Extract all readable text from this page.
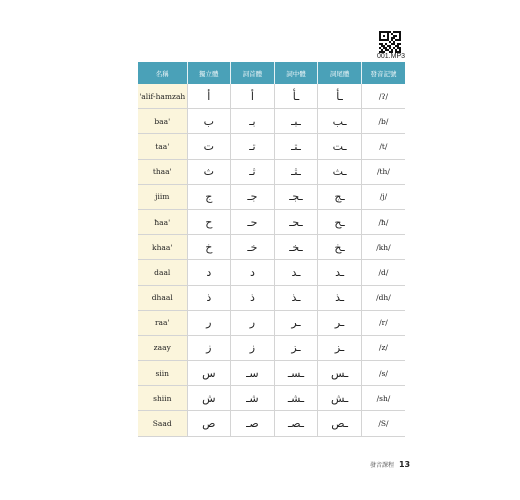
001.MP3
名稱	獨立體	詞首體	詞中體	詞尾體	發音記號
'alif-hamzah	أ	أ	ـأ	ـأ	/ʔ/
baa'	ب	بـ	ـبـ	ـب	/b/
taa'	ت	تـ	ـتـ	ـت	/t/
thaa'	ث	ثـ	ـثـ	ـث	/th/
jiim	ج	جـ	ـجـ	ـج	/j/
ħaa'	ح	حـ	ـحـ	ـح	/ħ/
khaa'	خ	خـ	ـخـ	ـخ	/kh/
daal	د	د	ـد	ـد	/d/
dhaal	ذ	ذ	ـذ	ـذ	/dh/
raa'	ر	ر	ـر	ـر	/r/
zaay	ز	ز	ـز	ـز	/z/
siin	س	سـ	ـسـ	ـس	/s/
shiin	ش	شـ	ـشـ	ـش	/sh/
Saad	ص	صـ	ـصـ	ـص	/S/
發音課程 13
